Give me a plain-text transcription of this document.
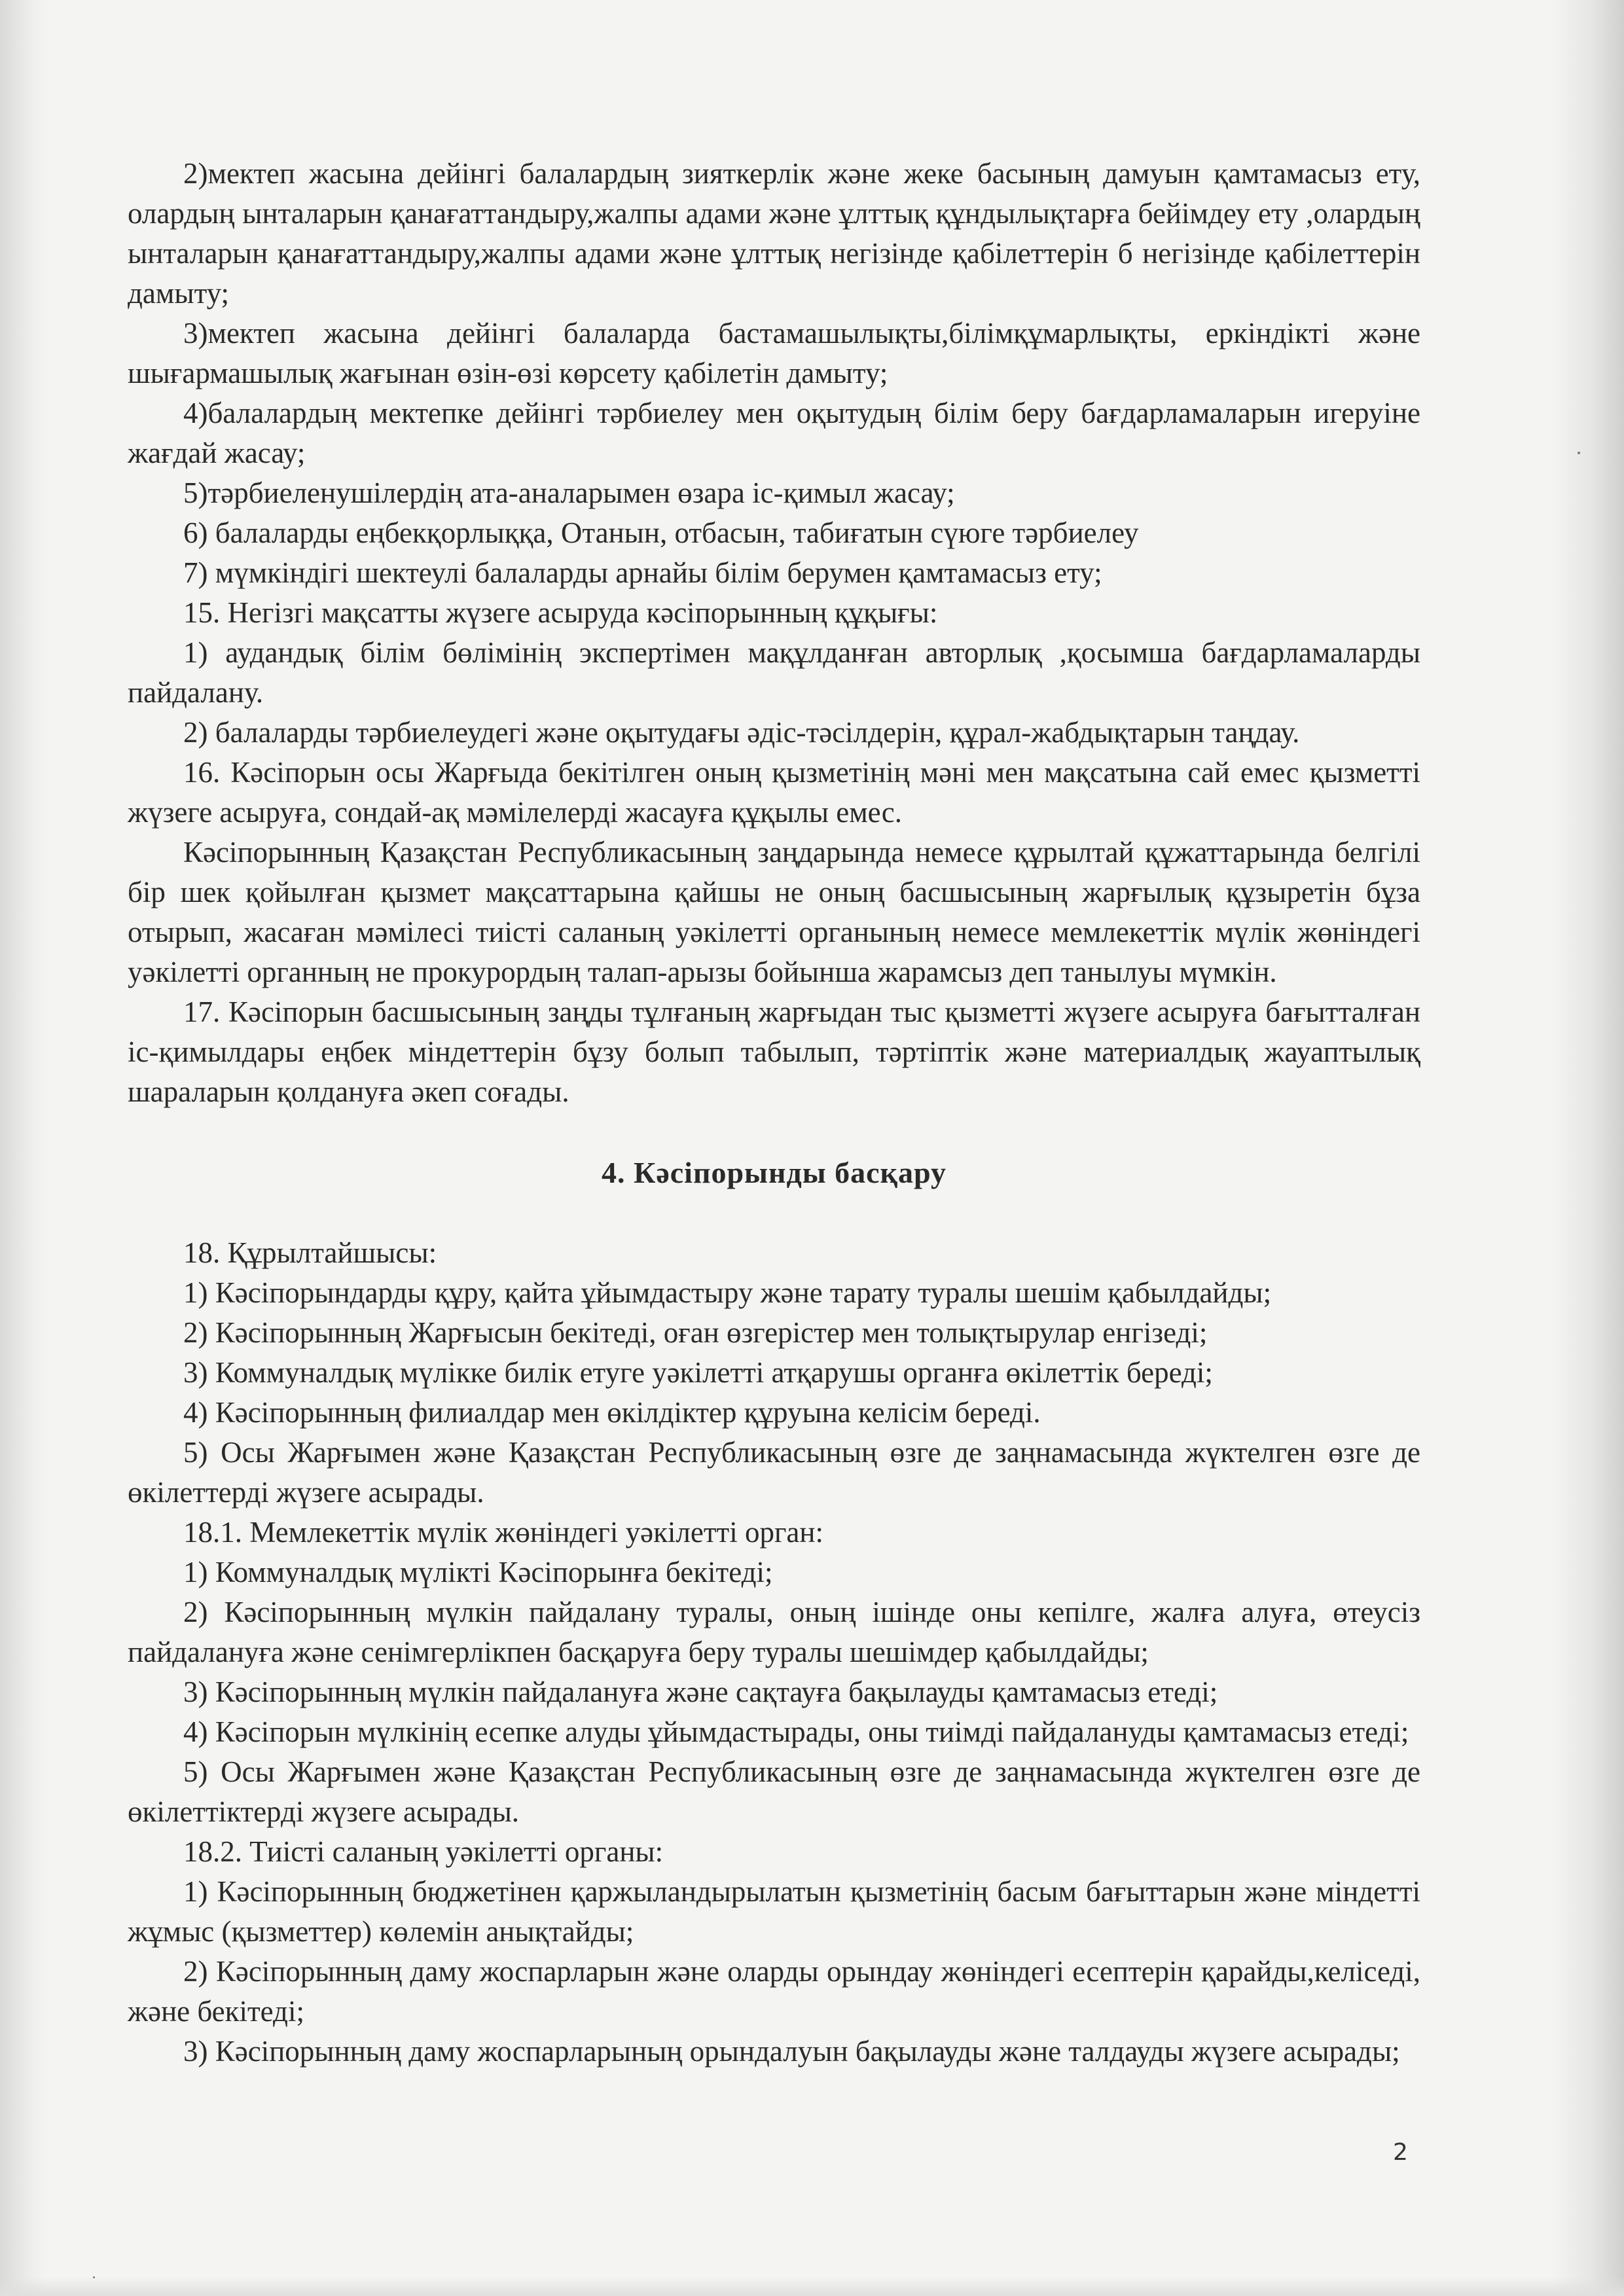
2)мектеп жасына дейінгі балалардың зияткерлік және жеке басының дамуын қамтамасыз ету, олардың ынталарын қанағаттандыру,жалпы адами және ұлттық құндылықтарға бейімдеу ету ,олардың ынталарын қанағаттандыру,жалпы адами және ұлттық негізінде қабілеттерін б негізінде қабілеттерін дамыту;

3)мектеп жасына дейінгі балаларда бастамашылықты,білімқұмарлықты, еркіндікті және шығармашылық жағынан өзін-өзі көрсету қабілетін дамыту;

4)балалардың мектепке дейінгі тәрбиелеу мен оқытудың білім беру бағдарламаларын игеруіне жағдай жасау;

5)тәрбиеленушілердің ата-аналарымен өзара іс-қимыл жасау;

6) балаларды еңбекқорлыққа, Отанын, отбасын, табиғатын сүюге тәрбиелеу

7) мүмкіндігі шектеулі балаларды арнайы білім берумен қамтамасыз ету;

15. Негізгі мақсатты жүзеге асыруда кәсіпорынның құқығы:

1) аудандық білім бөлімінің экспертімен мақұлданған авторлық ,қосымша бағдарламаларды пайдалану.

2) балаларды тәрбиелеудегі және оқытудағы әдіс-тәсілдерін, құрал-жабдықтарын таңдау.

16. Кәсіпорын осы Жарғыда бекітілген оның қызметінің мәні мен мақсатына сай емес қызметті жүзеге асыруға, сондай-ақ мәмілелерді жасауға құқылы емес.

Кәсіпорынның Қазақстан Республикасының заңдарында немесе құрылтай құжаттарында белгілі бір шек қойылған қызмет мақсаттарына қайшы не оның басшысының жарғылық құзыретін бұза отырып, жасаған мәмілесі тиісті саланың уәкілетті органының немесе мемлекеттік мүлік жөніндегі уәкілетті органның не прокурордың талап-арызы бойынша жарамсыз деп танылуы мүмкін.

17. Кәсіпорын басшысының заңды тұлғаның жарғыдан тыс қызметті жүзеге асыруға бағытталған іс-қимылдары еңбек міндеттерін бұзу болып табылып, тәртіптік және материалдық жауаптылық шараларын қолдануға әкеп соғады.

4. Кәсіпорынды басқару

18. Құрылтайшысы:

1) Кәсіпорындарды құру, қайта ұйымдастыру және тарату туралы шешім қабылдайды;

2) Кәсіпорынның Жарғысын бекітеді, оған өзгерістер мен толықтырулар енгізеді;

3) Коммуналдық мүлікке билік етуге уәкілетті атқарушы органға өкілеттік береді;

4) Кәсіпорынның филиалдар мен өкілдіктер құруына келісім береді.

5) Осы Жарғымен және Қазақстан Республикасының өзге де заңнамасында жүктелген өзге де өкілеттерді жүзеге асырады.

18.1. Мемлекеттік мүлік жөніндегі уәкілетті орган:

1) Коммуналдық мүлікті Кәсіпорынға бекітеді;

2) Кәсіпорынның мүлкін пайдалану туралы, оның ішінде оны кепілге, жалға алуға, өтеусіз пайдалануға және сенімгерлікпен басқаруға беру туралы шешімдер қабылдайды;

3) Кәсіпорынның мүлкін пайдалануға және сақтауға бақылауды қамтамасыз етеді;

4) Кәсіпорын мүлкінің есепке алуды ұйымдастырады, оны тиімді пайдалануды қамтамасыз етеді;

5) Осы Жарғымен және Қазақстан Республикасының өзге де заңнамасында жүктелген өзге де өкілеттіктерді жүзеге асырады.

18.2. Тиісті саланың уәкілетті органы:

1) Кәсіпорынның бюджетінен қаржыландырылатын қызметінің басым бағыттарын және міндетті жұмыс (қызметтер) көлемін анықтайды;

2) Кәсіпорынның даму жоспарларын және оларды орындау жөніндегі есептерін қарайды,келіседі, және бекітеді;

3) Кәсіпорынның даму жоспарларының орындалуын бақылауды және талдауды жүзеге асырады;

2
